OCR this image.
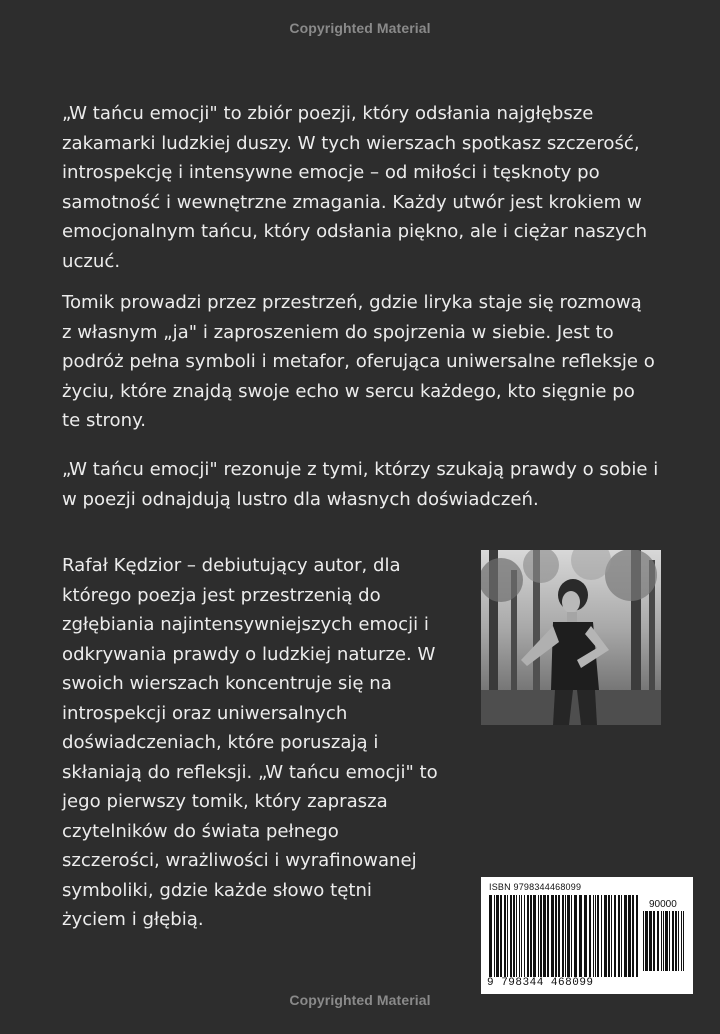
Copyrighted Material
„W tańcu emocji" to zbiór poezji, który odsłania najgłębsze
zakamarki ludzkiej duszy. W tych wierszach spotkasz szczerość,
introspekcję i intensywne emocje – od miłości i tęsknoty po
samotność i wewnętrzne zmagania. Każdy utwór jest krokiem w
emocjonalnym tańcu, który odsłania piękno, ale i ciężar naszych
uczuć.
Tomik prowadzi przez przestrzeń, gdzie liryka staje się rozmową
z własnym „ja" i zaproszeniem do spojrzenia w siebie. Jest to
podróż pełna symboli i metafor, oferująca uniwersalne refleksje o
życiu, które znajdą swoje echo w sercu każdego, kto sięgnie po
te strony.
„W tańcu emocji" rezonuje z tymi, którzy szukają prawdy o sobie i
w poezji odnajdują lustro dla własnych doświadczeń.
Rafał Kędzior – debiutujący autor, dla
którego poezja jest przestrzenią do
zgłębiania najintensywniejszych emocji i
odkrywania prawdy o ludzkiej naturze. W
swoich wierszach koncentruje się na
introspekcji oraz uniwersalnych
doświadczeniach, które poruszają i
skłaniają do refleksji. „W tańcu emocji" to
jego pierwszy tomik, który zaprasza
czytelników do świata pełnego
szczerości, wrażliwości i wyrafinowanej
symboliki, gdzie każde słowo tętni
życiem i głębią.
ISBN 9798344468099
90000
9 798344 468099
Copyrighted Material
